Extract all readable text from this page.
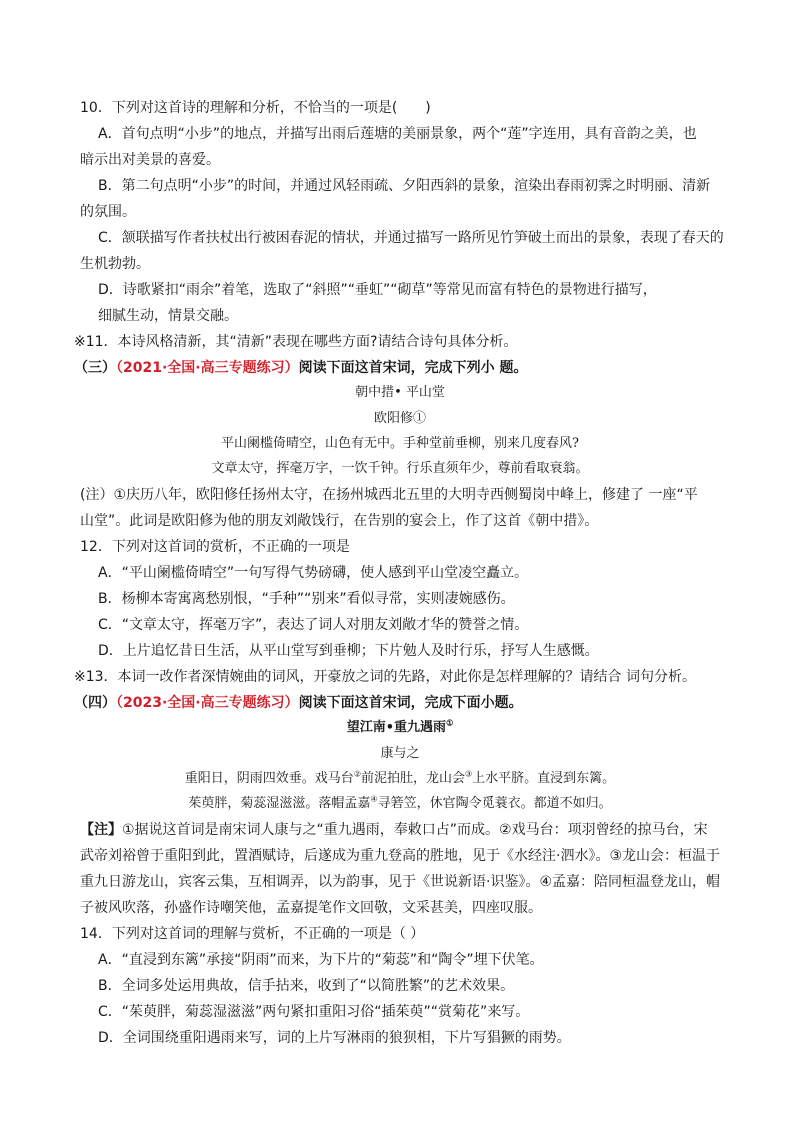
10．下列对这首诗的理解和分析，不恰当的一项是(　　)
A．首句点明“小步”的地点，并描写出雨后莲塘的美丽景象，两个“莲”字连用，具有音韵之美，也
暗示出对美景的喜爱。
B．第二句点明“小步”的时间，并通过风轻雨疏、夕阳西斜的景象，渲染出春雨初霁之时明丽、清新
的氛围。
C．颔联描写作者扶杖出行被困春泥的情状，并通过描写一路所见竹笋破土而出的景象，表现了春天的
生机勃勃。
D．诗歌紧扣“雨余”着笔，选取了“斜照”“垂虹”“砌草”等常见而富有特色的景物进行描写，
细腻生动，情景交融。
※11．本诗风格清新，其“清新”表现在哪些方面?请结合诗句具体分析。
（三）（2021·全国·高三专题练习）阅读下面这首宋词，完成下列小 题。
朝中措• 平山堂
欧阳修①
平山阑槛倚晴空，山色有无中。手种堂前垂柳，别来几度春风?
文章太守，挥毫万字，一饮千钟。行乐直须年少，尊前看取衰翁。
(注）①庆历八年，欧阳修任扬州太守，在扬州城西北五里的大明寺西侧蜀岗中峰上，修建了 一座“平
山堂”。此词是欧阳修为他的朋友刘敞饯行，在告别的宴会上，作了这首《朝中措》。
12．下列对这首词的赏析，不正确的一项是
A．“平山阑槛倚晴空”一句写得气势磅礴，使人感到平山堂凌空矗立。
B．杨柳本寄寓离愁别恨，“手种”“别来”看似寻常，实则凄婉感伤。
C．“文章太守，挥毫万字”，表达了词人对朋友刘敞才华的赞誉之情。
D．上片追忆昔日生活，从平山堂写到垂柳；下片勉人及时行乐，抒写人生感慨。
※13．本词一改作者深情婉曲的词风，开豪放之词的先路，对此你是怎样理解的？请结合 词句分析。
（四）（2023·全国·高三专题练习）阅读下面这首宋词，完成下面小题。
望江南•重九遇雨①
康与之
重阳日，阴雨四效垂。戏马台②前泥拍肚，龙山会③上水平脐。直浸到东篱。
茱萸胖，菊蕊湿滋滋。落帽孟嘉④寻箬笠，休官陶令觅蓑衣。都道不如归。
【注】①据说这首词是南宋词人康与之“重九遇雨，奉敕口占”而成。②戏马台：项羽曾经的掠马台，宋
武帝刘裕曾于重阳到此，置酒赋诗，后遂成为重九登高的胜地，见于《水经注·泗水》。③龙山会：桓温于
重九日游龙山，宾客云集，互相调弄，以为韵事，见于《世说新语·识鉴》。④孟嘉：陪同桓温登龙山，帽
子被风吹落，孙盛作诗嘲笑他，孟嘉提笔作文回敬，文采甚美，四座叹服。
14．下列对这首词的理解与赏析，不正确的一项是（ ）
A．“直浸到东篱”承接“阴雨”而来，为下片的“菊蕊”和“陶令”埋下伏笔。
B．全词多处运用典故，信手拈来，收到了“以简胜繁”的艺术效果。
C．“茱萸胖，菊蕊湿滋滋”两句紧扣重阳习俗“插茱萸”“赏菊花”来写。
D．全词围绕重阳遇雨来写，词的上片写淋雨的狼狈相，下片写猖獗的雨势。
